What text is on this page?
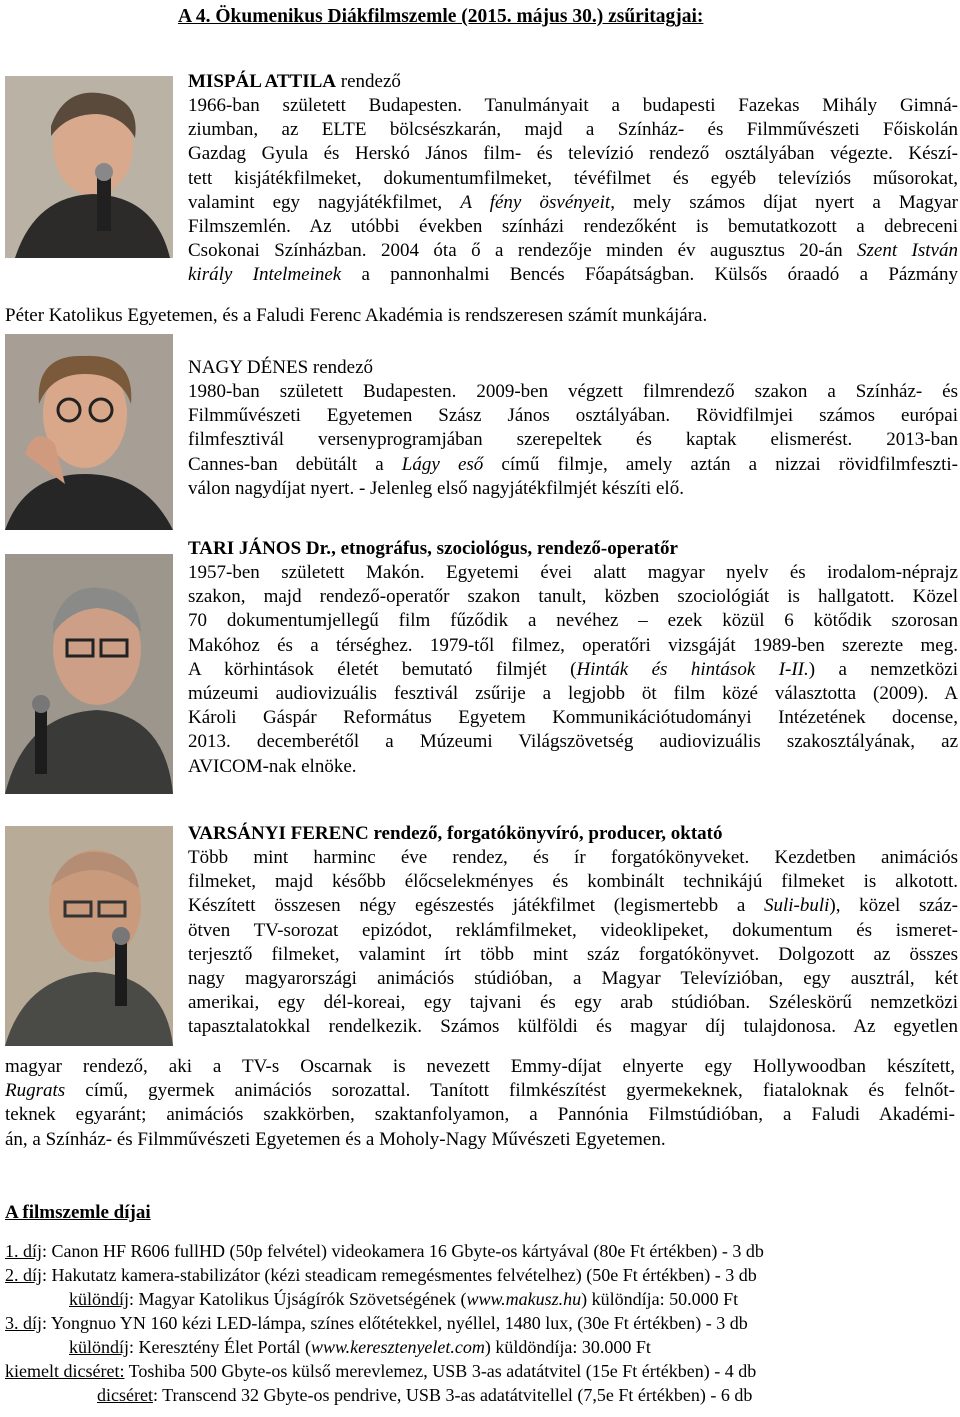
A 4. Ökumenikus Diákfilmszemle (2015. május 30.) zsűritagjai:
MISPÁL ATTILA rendező
1966-ban született Budapesten. Tanulmányait a budapesti Fazekas Mihály Gimná-
ziumban, az ELTE bölcsészkarán, majd a Színház- és Filmművészeti Főiskolán
Gazdag Gyula és Herskó János film- és televízió rendező osztályában végezte. Készí-
tett kisjátékfilmeket, dokumentumfilmeket, tévéfilmet és egyéb televíziós műsorokat,
valamint egy nagyjátékfilmet, A fény ösvényeit, mely számos díjat nyert a Magyar
Filmszemlén. Az utóbbi években színházi rendezőként is bemutatkozott a debreceni
Csokonai Színházban. 2004 óta ő a rendezője minden év augusztus 20-án Szent István
király Intelmeinek a pannonhalmi Bencés Főapátságban. Külsős óraadó a Pázmány
Péter Katolikus Egyetemen, és a Faludi Ferenc Akadémia is rendszeresen számít munkájára.
NAGY DÉNES rendező
1980-ban született Budapesten. 2009-ben végzett filmrendező szakon a Színház- és
Filmművészeti Egyetemen Szász János osztályában. Rövidfilmjei számos európai
filmfesztivál versenyprogramjában szerepeltek és kaptak elismerést. 2013-ban
Cannes-ban debütált a Lágy eső című filmje, amely aztán a nizzai rövidfilmfeszti-
válon nagydíjat nyert. - Jelenleg első nagyjátékfilmjét készíti elő.
TARI JÁNOS Dr., etnográfus, szociológus, rendező-operatőr
1957-ben született Makón. Egyetemi évei alatt magyar nyelv és irodalom-néprajz
szakon, majd rendező-operatőr szakon tanult, közben szociológiát is hallgatott. Közel
70 dokumentumjellegű film fűződik a nevéhez – ezek közül 6 kötődik szorosan
Makóhoz és a térséghez. 1979-től filmez, operatőri vizsgáját 1989-ben szerezte meg.
A körhintások életét bemutató filmjét (Hinták és hintások I-II.) a nemzetközi
múzeumi audiovizuális fesztivál zsűrije a legjobb öt film közé választotta (2009). A
Károli Gáspár Református Egyetem Kommunikációtudományi Intézetének docense,
2013. decemberétől a Múzeumi Világszövetség audiovizuális szakosztályának, az
AVICOM-nak elnöke.
VARSÁNYI FERENC rendező, forgatókönyvíró, producer, oktató
Több mint harminc éve rendez, és ír forgatókönyveket. Kezdetben animációs
filmeket, majd később élőcselekményes és kombinált technikájú filmeket is alkotott.
Készített összesen négy egészestés játékfilmet (legismertebb a Suli-buli), közel száz-
ötven TV-sorozat epizódot, reklámfilmeket, videoklipeket, dokumentum és ismeret-
terjesztő filmeket, valamint írt több mint száz forgatókönyvet. Dolgozott az összes
nagy magyarországi animációs stúdióban, a Magyar Televízióban, egy ausztrál, két
amerikai, egy dél-koreai, egy tajvani és egy arab stúdióban. Széleskörű nemzetközi
tapasztalatokkal rendelkezik. Számos külföldi és magyar díj tulajdonosa. Az egyetlen
magyar rendező, aki a TV-s Oscarnak is nevezett Emmy-díjat elnyerte egy Hollywoodban készített,
Rugrats című, gyermek animációs sorozattal. Tanított filmkészítést gyermekeknek, fiataloknak és felnőt-
teknek egyaránt; animációs szakkörben, szaktanfolyamon, a Pannónia Filmstúdióban, a Faludi Akadémi-
án, a Színház- és Filmművészeti Egyetemen és a Moholy-Nagy Művészeti Egyetemen.
A filmszemle díjai
1. díj: Canon HF R606 fullHD (50p felvétel) videokamera 16 Gbyte-os kártyával (80e Ft értékben) - 3 db
2. díj: Hakutatz kamera-stabilizátor (kézi steadicam remegésmentes felvételhez) (50e Ft értékben) - 3 db
különdíj: Magyar Katolikus Újságírók Szövetségének (www.makusz.hu) különdíja: 50.000 Ft
3. díj: Yongnuo YN 160 kézi LED-lámpa, színes előtétekkel, nyéllel, 1480 lux, (30e Ft értékben) - 3 db
különdíj: Keresztény Élet Portál (www.keresztenyelet.com) küldöndíja: 30.000 Ft
kiemelt dicséret: Toshiba 500 Gbyte-os külső merevlemez, USB 3-as adatátvitel (15e Ft értékben) - 4 db
dicséret: Transcend 32 Gbyte-os pendrive, USB 3-as adatátvitellel (7,5e Ft értékben) - 6 db
